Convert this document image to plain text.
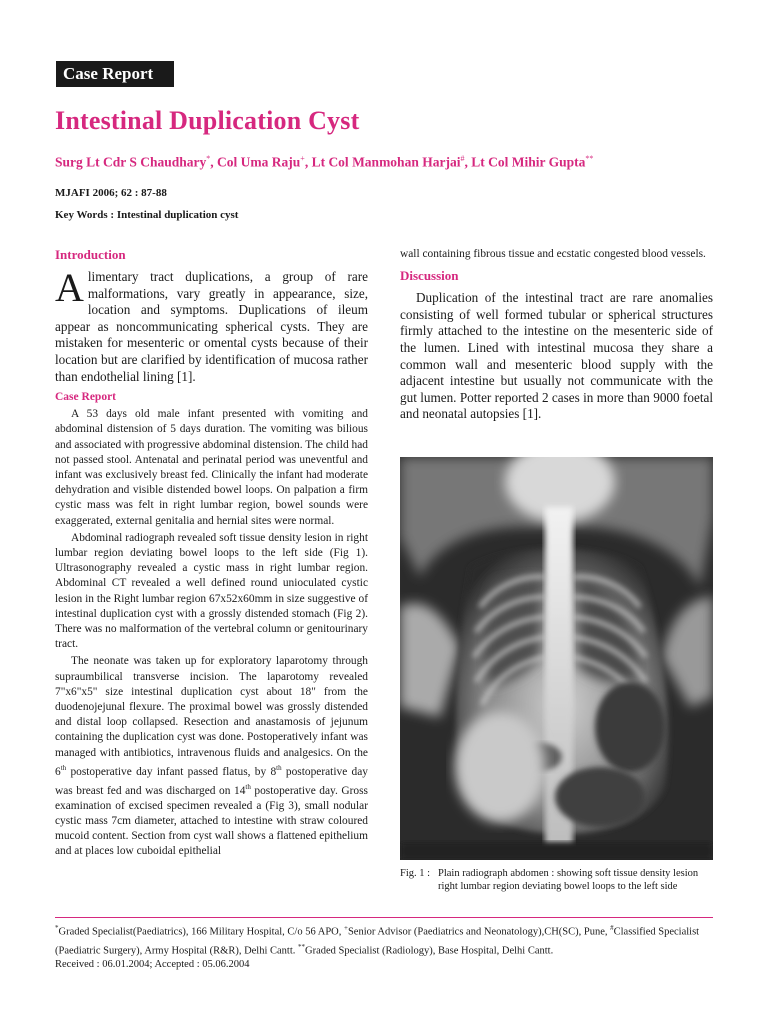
Case Report
Intestinal Duplication Cyst
Surg Lt Cdr S Chaudhary*, Col Uma Raju+, Lt Col Manmohan Harjai#, Lt Col Mihir Gupta**
MJAFI 2006; 62 : 87-88
Key Words : Intestinal duplication cyst
Introduction

Alimentary tract duplications, a group of rare malformations, vary greatly in appearance, size, location and symptoms. Duplications of ileum appear as noncommunicating spherical cysts. They are mistaken for mesenteric or omental cysts because of their location but are clarified by identification of mucosa rather than endothelial lining [1].

Case Report

A 53 days old male infant presented with vomiting and abdominal distension of 5 days duration. The vomiting was bilious and associated with progressive abdominal distension. The child had not passed stool. Antenatal and perinatal period was uneventful and infant was exclusively breast fed. Clinically the infant had moderate dehydration and visible distended bowel loops. On palpation a firm cystic mass was felt in right lumbar region, bowel sounds were exaggerated, external genitalia and hernial sites were normal.

Abdominal radiograph revealed soft tissue density lesion in right lumbar region deviating bowel loops to the left side (Fig 1). Ultrasonography revealed a cystic mass in right lumbar region. Abdominal CT revealed a well defined round unioculated cystic lesion in the Right lumbar region 67x52x60mm in size suggestive of intestinal duplication cyst with a grossly distended stomach (Fig 2). There was no malformation of the vertebral column or genitourinary tract.

The neonate was taken up for exploratory laparotomy through supraumbilical transverse incision. The laparotomy revealed 7"x6"x5" size intestinal duplication cyst about 18" from the duodenojejunal flexure. The proximal bowel was grossly distended and distal loop collapsed. Resection and anastamosis of jejunum containing the duplication cyst was done. Postoperatively infant was managed with antibiotics, intravenous fluids and analgesics. On the 6th postoperative day infant passed flatus, by 8th postoperative day was breast fed and was discharged on 14th postoperative day. Gross examination of excised specimen revealed a (Fig 3), small nodular cystic mass 7cm diameter, attached to intestine with straw coloured mucoid content. Section from cyst wall shows a flattened epithelium and at places low cuboidal epithelial

wall containing fibrous tissue and ecstatic congested blood vessels.

Discussion

Duplication of the intestinal tract are rare anomalies consisting of well formed tubular or spherical structures firmly attached to the intestine on the mesenteric side of the lumen. Lined with intestinal mucosa they share a common wall and mesenteric blood supply with the adjacent intestine but usually not communicate with the gut lumen. Potter reported 2 cases in more than 9000 foetal and neonatal autopsies [1].

Fig. 1 : Plain radiograph abdomen : showing soft tissue density lesion right lumbar region deviating bowel loops to the left side
*Graded Specialist(Paediatrics), 166 Military Hospital, C/o 56 APO, +Senior Advisor (Paediatrics and Neonatology),CH(SC), Pune, #Classified Specialist (Paediatric Surgery), Army Hospital (R&R), Delhi Cantt. **Graded Specialist (Radiology), Base Hospital, Delhi Cantt.
Received : 06.01.2004; Accepted : 05.06.2004
